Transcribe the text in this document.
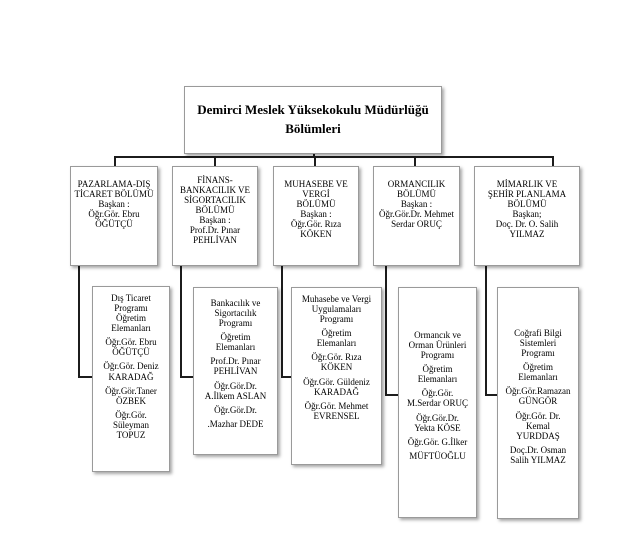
Demirci Meslek Yüksekokulu Müdürlüğü
Bölümleri
PAZARLAMA-DIŞ
TİCARET BÖLÜMÜ
Başkan :
Öğr.Gör. Ebru
ÖĞÜTÇÜ
FİNANS-
BANKACILIK VE
SİGORTACILIK
BÖLÜMÜ
Başkan :
Prof.Dr. Pınar
PEHLİVAN
MUHASEBE VE
VERGİ
BÖLÜMÜ
Başkan :
Öğr.Gör. Rıza
KÖKEN
ORMANCILIK
BÖLÜMÜ
Başkan :
Öğr.Gör.Dr. Mehmet
Serdar ORUÇ
MİMARLIK VE
ŞEHİR PLANLAMA
BÖLÜMÜ
Başkan;
Doç. Dr. O. Salih
YILMAZ
Dış Ticaret
Programı
Öğretim
Elemanları
Öğr.Gör. Ebru
ÖĞÜTÇÜ
Öğr.Gör. Deniz
KARADAĞ
Öğr.Gör.Taner
ÖZBEK
Öğr.Gör.
Süleyman
TOPUZ
Bankacılık ve
Sigortacılık
Programı
Öğretim
Elemanları
Prof.Dr. Pınar
PEHLİVAN
Öğr.Gör.Dr.
A.İlkem ASLAN
Öğr.Gör.Dr.
.Mazhar DEDE
Muhasebe ve Vergi
Uygulamaları
Programı
Öğretim
Elemanları
Öğr.Gör. Rıza
KÖKEN
Öğr.Gör. Güldeniz
KARADAĞ
Öğr.Gör. Mehmet
EVRENSEL
Ormancık ve
Orman Ürünleri
Programı
Öğretim
Elemanları
Öğr.Gör.
M.Serdar ORUÇ
Öğr.Gör.Dr.
Yekta KÖSE
Öğr.Gör. G.İlker
MÜFTÜOĞLU
Coğrafi Bilgi
Sistemleri
Programı
Öğretim
Elemanları
Öğr.Gör.Ramazan
GÜNGÖR
Öğr.Gör. Dr.
Kemal
YURDDAŞ
Doç.Dr. Osman
Salih YILMAZ
